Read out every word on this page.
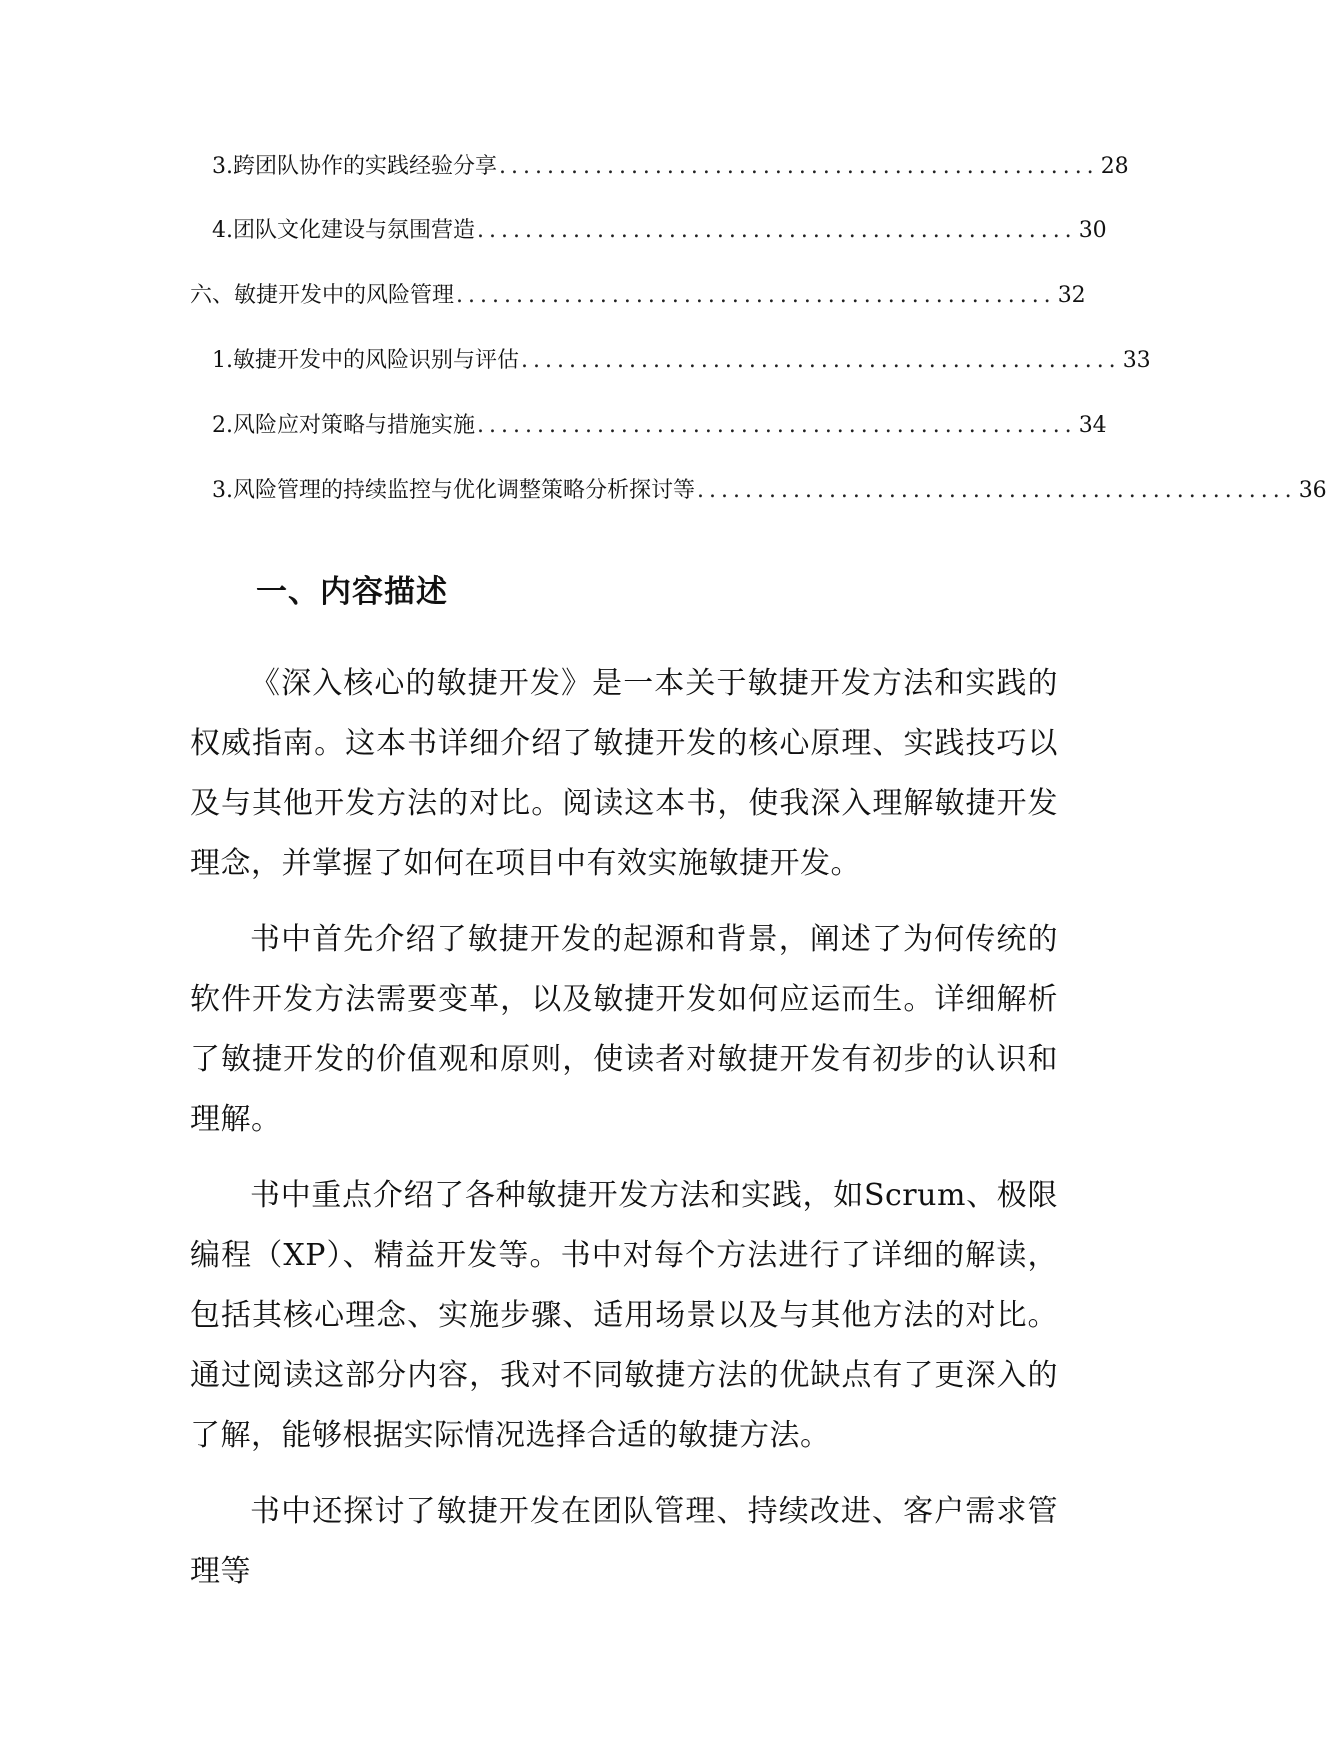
3. 跨团队协作的实践经验分享 .................................................. 28
4. 团队文化建设与氛围营造 .................................................. 30
六、敏捷开发中的风险管理 .................................................. 32
1. 敏捷开发中的风险识别与评估 .................................................. 33
2. 风险应对策略与措施实施 .................................................. 34
3. 风险管理的持续监控与优化调整策略分析探讨等 .................................................. 36
一、内容描述

《深入核心的敏捷开发》是一本关于敏捷开发方法和实践的权威指南。这本书详细介绍了敏捷开发的核心原理、实践技巧以及与其他开发方法的对比。阅读这本书，使我深入理解敏捷开发理念，并掌握了如何在项目中有效实施敏捷开发。

书中首先介绍了敏捷开发的起源和背景，阐述了为何传统的软件开发方法需要变革，以及敏捷开发如何应运而生。详细解析了敏捷开发的价值观和原则，使读者对敏捷开发有初步的认识和理解。

书中重点介绍了各种敏捷开发方法和实践，如Scrum、极限编程（XP）、精益开发等。书中对每个方法进行了详细的解读，包括其核心理念、实施步骤、适用场景以及与其他方法的对比。通过阅读这部分内容，我对不同敏捷方法的优缺点有了更深入的了解，能够根据实际情况选择合适的敏捷方法。

书中还探讨了敏捷开发在团队管理、持续改进、客户需求管理等
